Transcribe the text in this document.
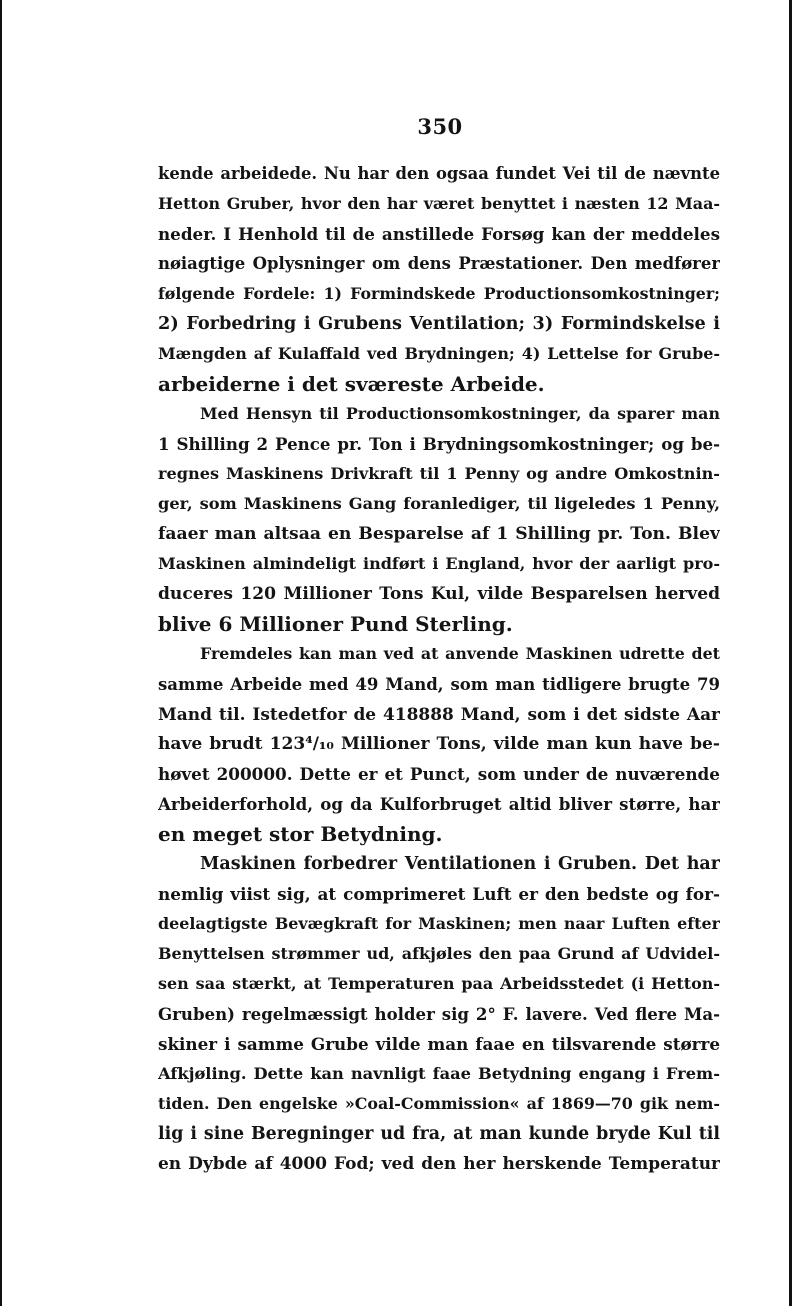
350
kende arbeidede. Nu har den ogsaa fundet Vei til de nævnte
Hetton Gruber, hvor den har været benyttet i næsten 12 Maa-
neder. I Henhold til de anstillede Forsøg kan der meddeles
nøiagtige Oplysninger om dens Præstationer. Den medfører
følgende Fordele: 1) Formindskede Productionsomkostninger;
2) Forbedring i Grubens Ventilation; 3) Formindskelse i
Mængden af Kulaffald ved Brydningen; 4) Lettelse for Grube-
arbeiderne i det sværeste Arbeide.
Med Hensyn til Productionsomkostninger, da sparer man
1 Shilling 2 Pence pr. Ton i Brydningsomkostninger; og be-
regnes Maskinens Drivkraft til 1 Penny og andre Omkostnin-
ger, som Maskinens Gang foranlediger, til ligeledes 1 Penny,
faaer man altsaa en Besparelse af 1 Shilling pr. Ton. Blev
Maskinen almindeligt indført i England, hvor der aarligt pro-
duceres 120 Millioner Tons Kul, vilde Besparelsen herved
blive 6 Millioner Pund Sterling.
Fremdeles kan man ved at anvende Maskinen udrette det
samme Arbeide med 49 Mand, som man tidligere brugte 79
Mand til. Istedetfor de 418888 Mand, som i det sidste Aar
have brudt 123⁴/₁₀ Millioner Tons, vilde man kun have be-
høvet 200000. Dette er et Punct, som under de nuværende
Arbeiderforhold, og da Kulforbruget altid bliver større, har
en meget stor Betydning.
Maskinen forbedrer Ventilationen i Gruben. Det har
nemlig viist sig, at comprimeret Luft er den bedste og for-
deelagtigste Bevægkraft for Maskinen; men naar Luften efter
Benyttelsen strømmer ud, afkjøles den paa Grund af Udvidel-
sen saa stærkt, at Temperaturen paa Arbeidsstedet (i Hetton-
Gruben) regelmæssigt holder sig 2° F. lavere. Ved flere Ma-
skiner i samme Grube vilde man faae en tilsvarende større
Afkjøling. Dette kan navnligt faae Betydning engang i Frem-
tiden. Den engelske »Coal-Commission« af 1869—70 gik nem-
lig i sine Beregninger ud fra, at man kunde bryde Kul til
en Dybde af 4000 Fod; ved den her herskende Temperatur
